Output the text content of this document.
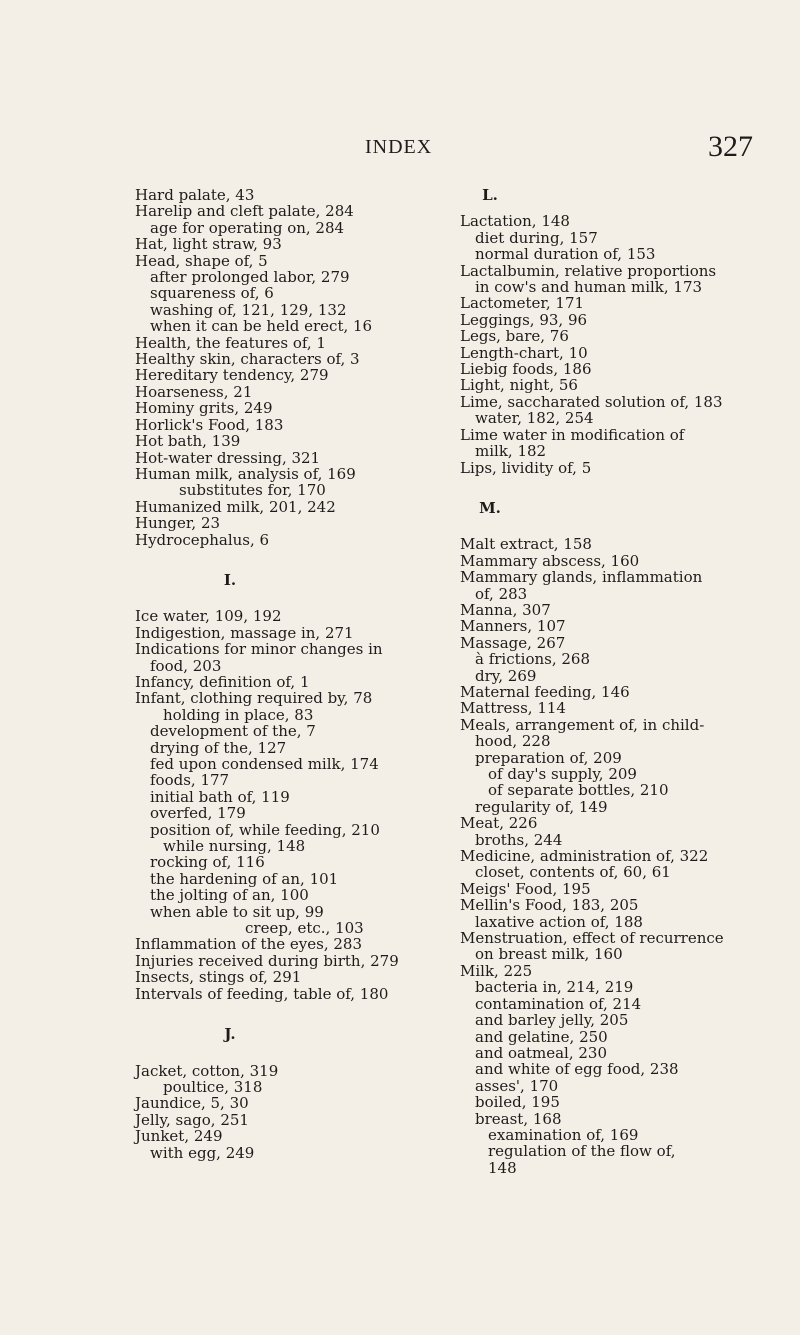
INDEX	327
Hard palate, 43
Harelip and cleft palate, 284
age for operating on, 284
Hat, light straw, 93
Head, shape of, 5
after prolonged labor, 279
squareness of, 6
washing of, 121, 129, 132
when it can be held erect, 16
Health, the features of, 1
Healthy skin, characters of, 3
Hereditary tendency, 279
Hoarseness, 21
Hominy grits, 249
Horlick's Food, 183
Hot bath, 139
Hot-water dressing, 321
Human milk, analysis of, 169
substitutes for, 170
Humanized milk, 201, 242
Hunger, 23
Hydrocephalus, 6
I.
Ice water, 109, 192
Indigestion, massage in, 271
Indications for minor changes in
food, 203
Infancy, definition of, 1
Infant, clothing required by, 78
holding in place, 83
development of the, 7
drying of the, 127
fed upon condensed milk, 174
foods, 177
initial bath of, 119
overfed, 179
position of, while feeding, 210
while nursing, 148
rocking of, 116
the hardening of an, 101
the jolting of an, 100
when able to sit up, 99
creep, etc., 103
Inflammation of the eyes, 283
Injuries received during birth, 279
Insects, stings of, 291
Intervals of feeding, table of, 180
J.
Jacket, cotton, 319
poultice, 318
Jaundice, 5, 30
Jelly, sago, 251
Junket, 249
with egg, 249
L.
Lactation, 148
diet during, 157
normal duration of, 153
Lactalbumin, relative proportions
in cow's and human milk, 173
Lactometer, 171
Leggings, 93, 96
Legs, bare, 76
Length-chart, 10
Liebig foods, 186
Light, night, 56
Lime, saccharated solution of, 183
water, 182, 254
Lime water in modification of
milk, 182
Lips, lividity of, 5
M.
Malt extract, 158
Mammary abscess, 160
Mammary glands, inflammation
of, 283
Manna, 307
Manners, 107
Massage, 267
à frictions, 268
dry, 269
Maternal feeding, 146
Mattress, 114
Meals, arrangement of, in child-
hood, 228
preparation of, 209
of day's supply, 209
of separate bottles, 210
regularity of, 149
Meat, 226
broths, 244
Medicine, administration of, 322
closet, contents of, 60, 61
Meigs' Food, 195
Mellin's Food, 183, 205
laxative action of, 188
Menstruation, effect of recurrence
on breast milk, 160
Milk, 225
bacteria in, 214, 219
contamination of, 214
and barley jelly, 205
and gelatine, 250
and oatmeal, 230
and white of egg food, 238
asses', 170
boiled, 195
breast, 168
examination of, 169
regulation of the flow of,
148
